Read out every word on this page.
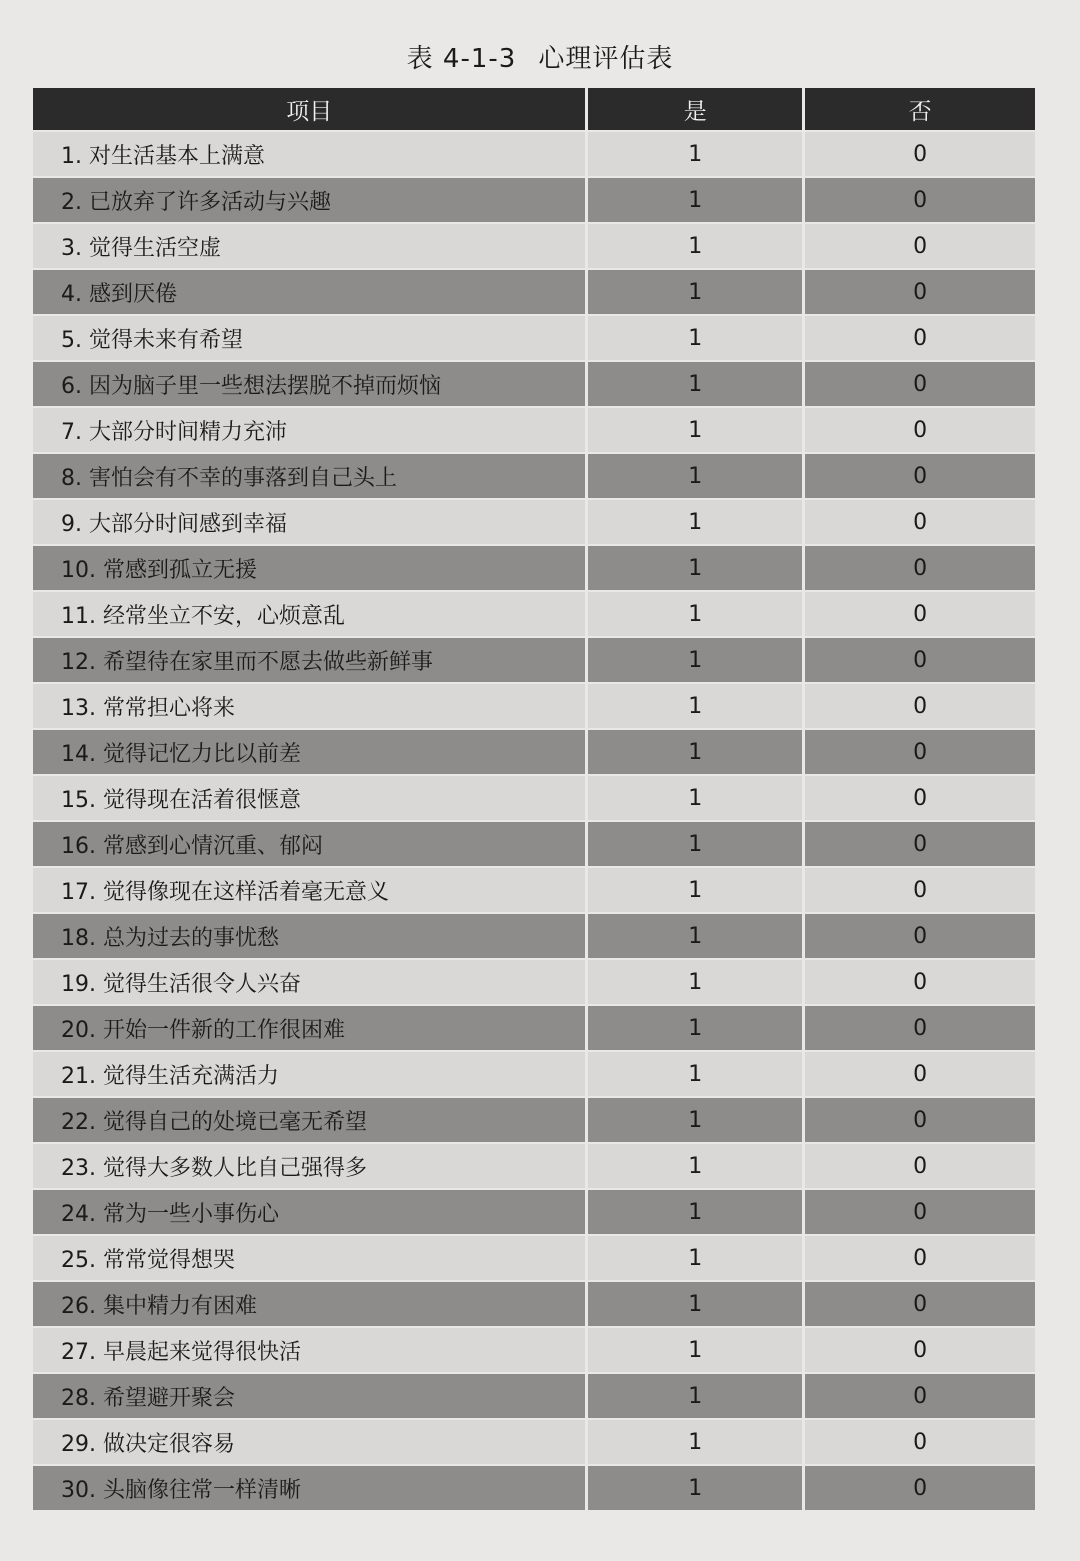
表 4-1-3 心理评估表
项目	是	否
1. 对生活基本上满意	1	0
2. 已放弃了许多活动与兴趣	1	0
3. 觉得生活空虚	1	0
4. 感到厌倦	1	0
5. 觉得未来有希望	1	0
6. 因为脑子里一些想法摆脱不掉而烦恼	1	0
7. 大部分时间精力充沛	1	0
8. 害怕会有不幸的事落到自己头上	1	0
9. 大部分时间感到幸福	1	0
10. 常感到孤立无援	1	0
11. 经常坐立不安，心烦意乱	1	0
12. 希望待在家里而不愿去做些新鲜事	1	0
13. 常常担心将来	1	0
14. 觉得记忆力比以前差	1	0
15. 觉得现在活着很惬意	1	0
16. 常感到心情沉重、郁闷	1	0
17. 觉得像现在这样活着毫无意义	1	0
18. 总为过去的事忧愁	1	0
19. 觉得生活很令人兴奋	1	0
20. 开始一件新的工作很困难	1	0
21. 觉得生活充满活力	1	0
22. 觉得自己的处境已毫无希望	1	0
23. 觉得大多数人比自己强得多	1	0
24. 常为一些小事伤心	1	0
25. 常常觉得想哭	1	0
26. 集中精力有困难	1	0
27. 早晨起来觉得很快活	1	0
28. 希望避开聚会	1	0
29. 做决定很容易	1	0
30. 头脑像往常一样清晰	1	0
